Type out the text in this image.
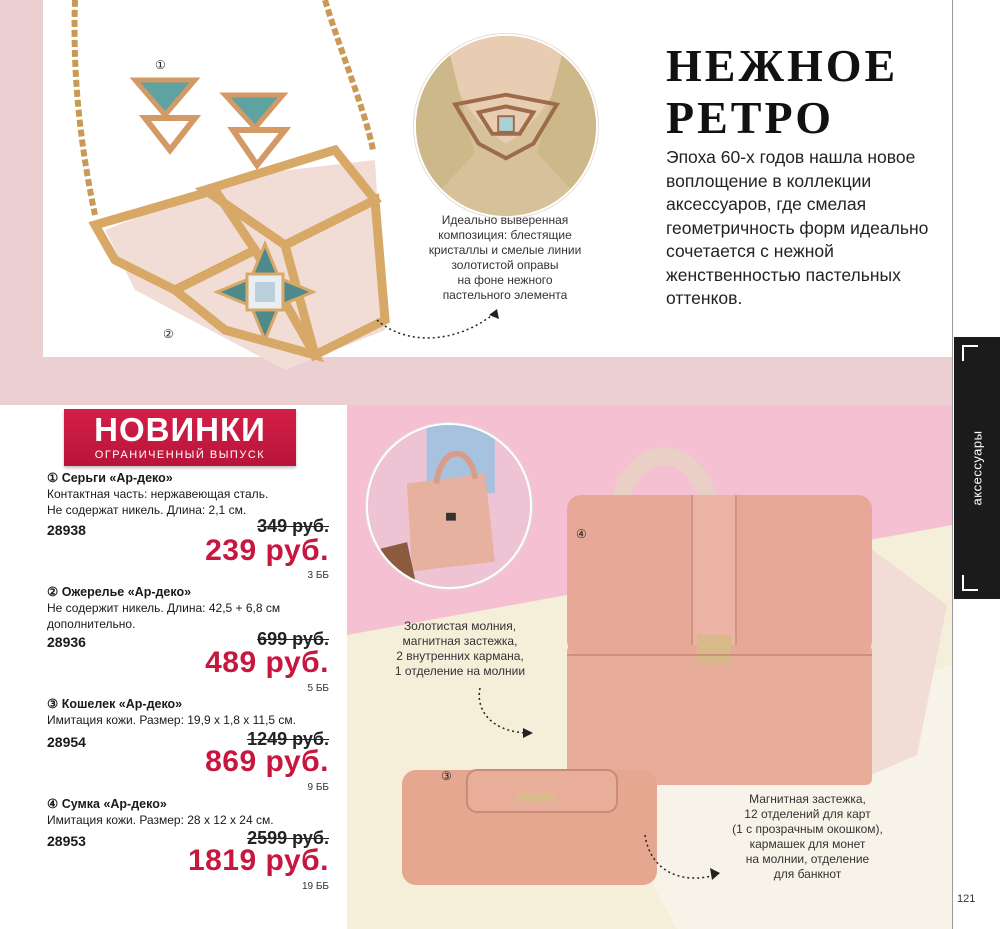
①
②
Идеально выверенная
композиция: блестящие
кристаллы и смелые линии
золотистой оправы
на фоне нежного
пастельного элемента
НЕЖНОЕ
РЕТРО
Эпоха 60-х годов нашла новое воплощение в коллекции аксессуаров, где смелая геометричность форм идеально сочетается с нежной женственностью пастельных оттенков.
аксессуары
④
③
Золотистая молния,
магнитная застежка,
2 внутренних кармана,
1 отделение на молнии
Магнитная застежка,
12 отделений для карт
(1 с прозрачным окошком),
кармашек для монет
на молнии, отделение
для банкнот
НОВИНКИ
ОГРАНИЧЕННЫЙ ВЫПУСК
① Серьги «Ар-деко»
Контактная часть: нержавеющая сталь.
Не содержат никель. Длина: 2,1 см.
28938	349 руб.
239 руб.
3 ББ
② Ожерелье «Ар-деко»
Не содержит никель. Длина: 42,5 + 6,8 см
дополнительно.
28936	699 руб.
489 руб.
5 ББ
③ Кошелек «Ар-деко»
Имитация кожи. Размер: 19,9 х 1,8 х 11,5 см.
28954	1249 руб.
869 руб.
9 ББ
④ Сумка «Ар-деко»
Имитация кожи. Размер: 28 х 12 х 24 см.
28953	2599 руб.
1819 руб.
19 ББ
121
